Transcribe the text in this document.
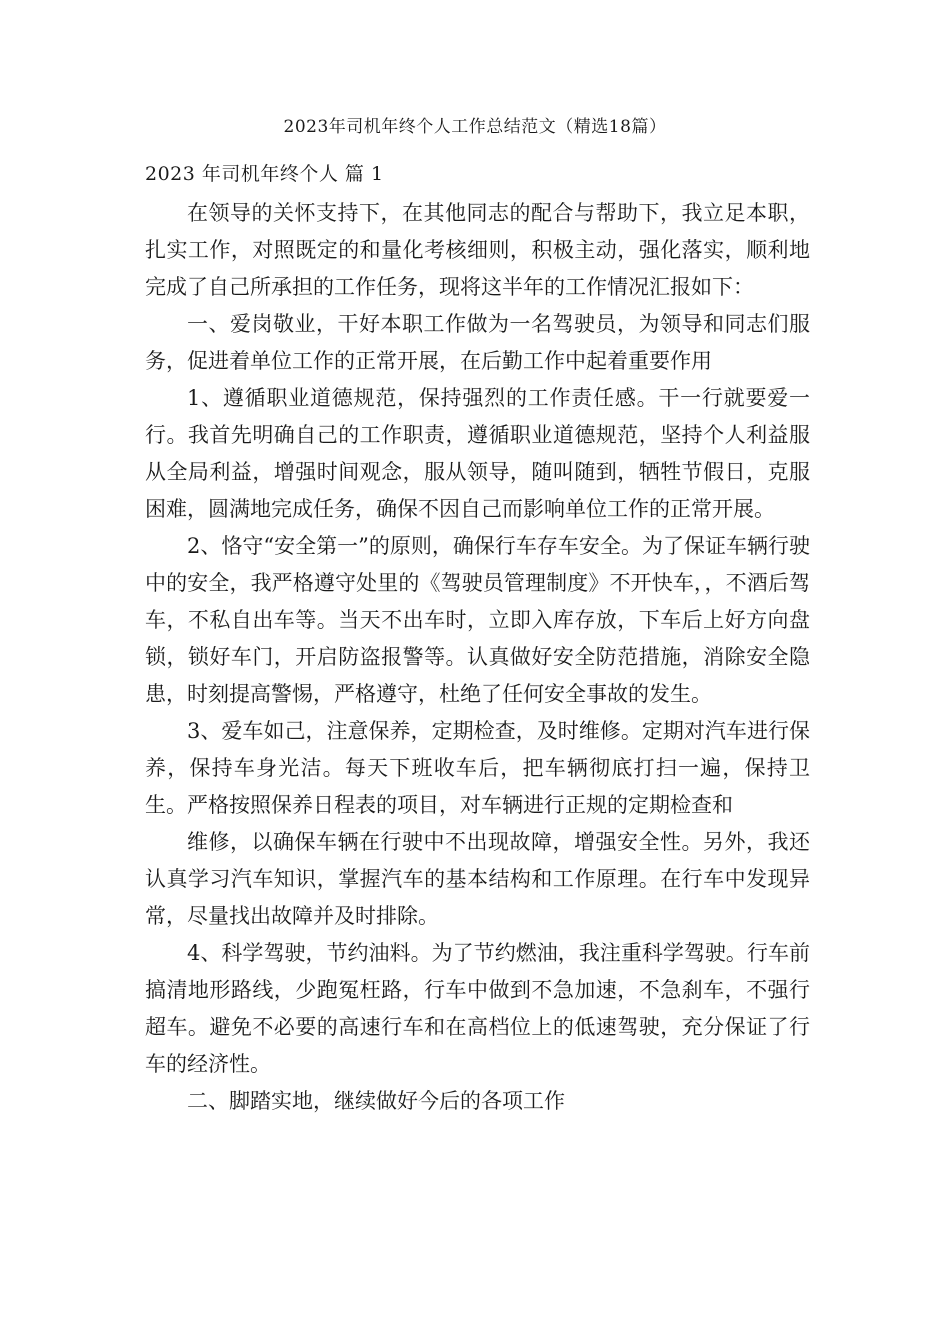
2023年司机年终个人工作总结范文（精选18篇）
2023 年司机年终个人 篇 1

在领导的关怀支持下，在其他同志的配合与帮助下，我立足本职，扎实工作，对照既定的和量化考核细则，积极主动，强化落实，顺利地完成了自己所承担的工作任务，现将这半年的工作情况汇报如下：

一、爱岗敬业，干好本职工作做为一名驾驶员，为领导和同志们服务，促进着单位工作的正常开展，在后勤工作中起着重要作用

1、遵循职业道德规范，保持强烈的工作责任感。干一行就要爱一行。我首先明确自己的工作职责，遵循职业道德规范，坚持个人利益服从全局利益，增强时间观念，服从领导，随叫随到，牺牲节假日，克服困难，圆满地完成任务，确保不因自己而影响单位工作的正常开展。

2、恪守“安全第一”的原则，确保行车存车安全。为了保证车辆行驶中的安全，我严格遵守处里的《驾驶员管理制度》不开快车，，不酒后驾车，不私自出车等。当天不出车时，立即入库存放，下车后上好方向盘锁，锁好车门，开启防盗报警等。认真做好安全防范措施，消除安全隐患，时刻提高警惕，严格遵守，杜绝了任何安全事故的发生。

3、爱车如己，注意保养，定期检查，及时维修。定期对汽车进行保养，保持车身光洁。每天下班收车后，把车辆彻底打扫一遍，保持卫生。严格按照保养日程表的项目，对车辆进行正规的定期检查和

维修，以确保车辆在行驶中不出现故障，增强安全性。另外，我还认真学习汽车知识，掌握汽车的基本结构和工作原理。在行车中发现异常，尽量找出故障并及时排除。

4、科学驾驶，节约油料。为了节约燃油，我注重科学驾驶。行车前搞清地形路线，少跑冤枉路，行车中做到不急加速，不急刹车，不强行超车。避免不必要的高速行车和在高档位上的低速驾驶，充分保证了行车的经济性。

二、脚踏实地，继续做好今后的各项工作
